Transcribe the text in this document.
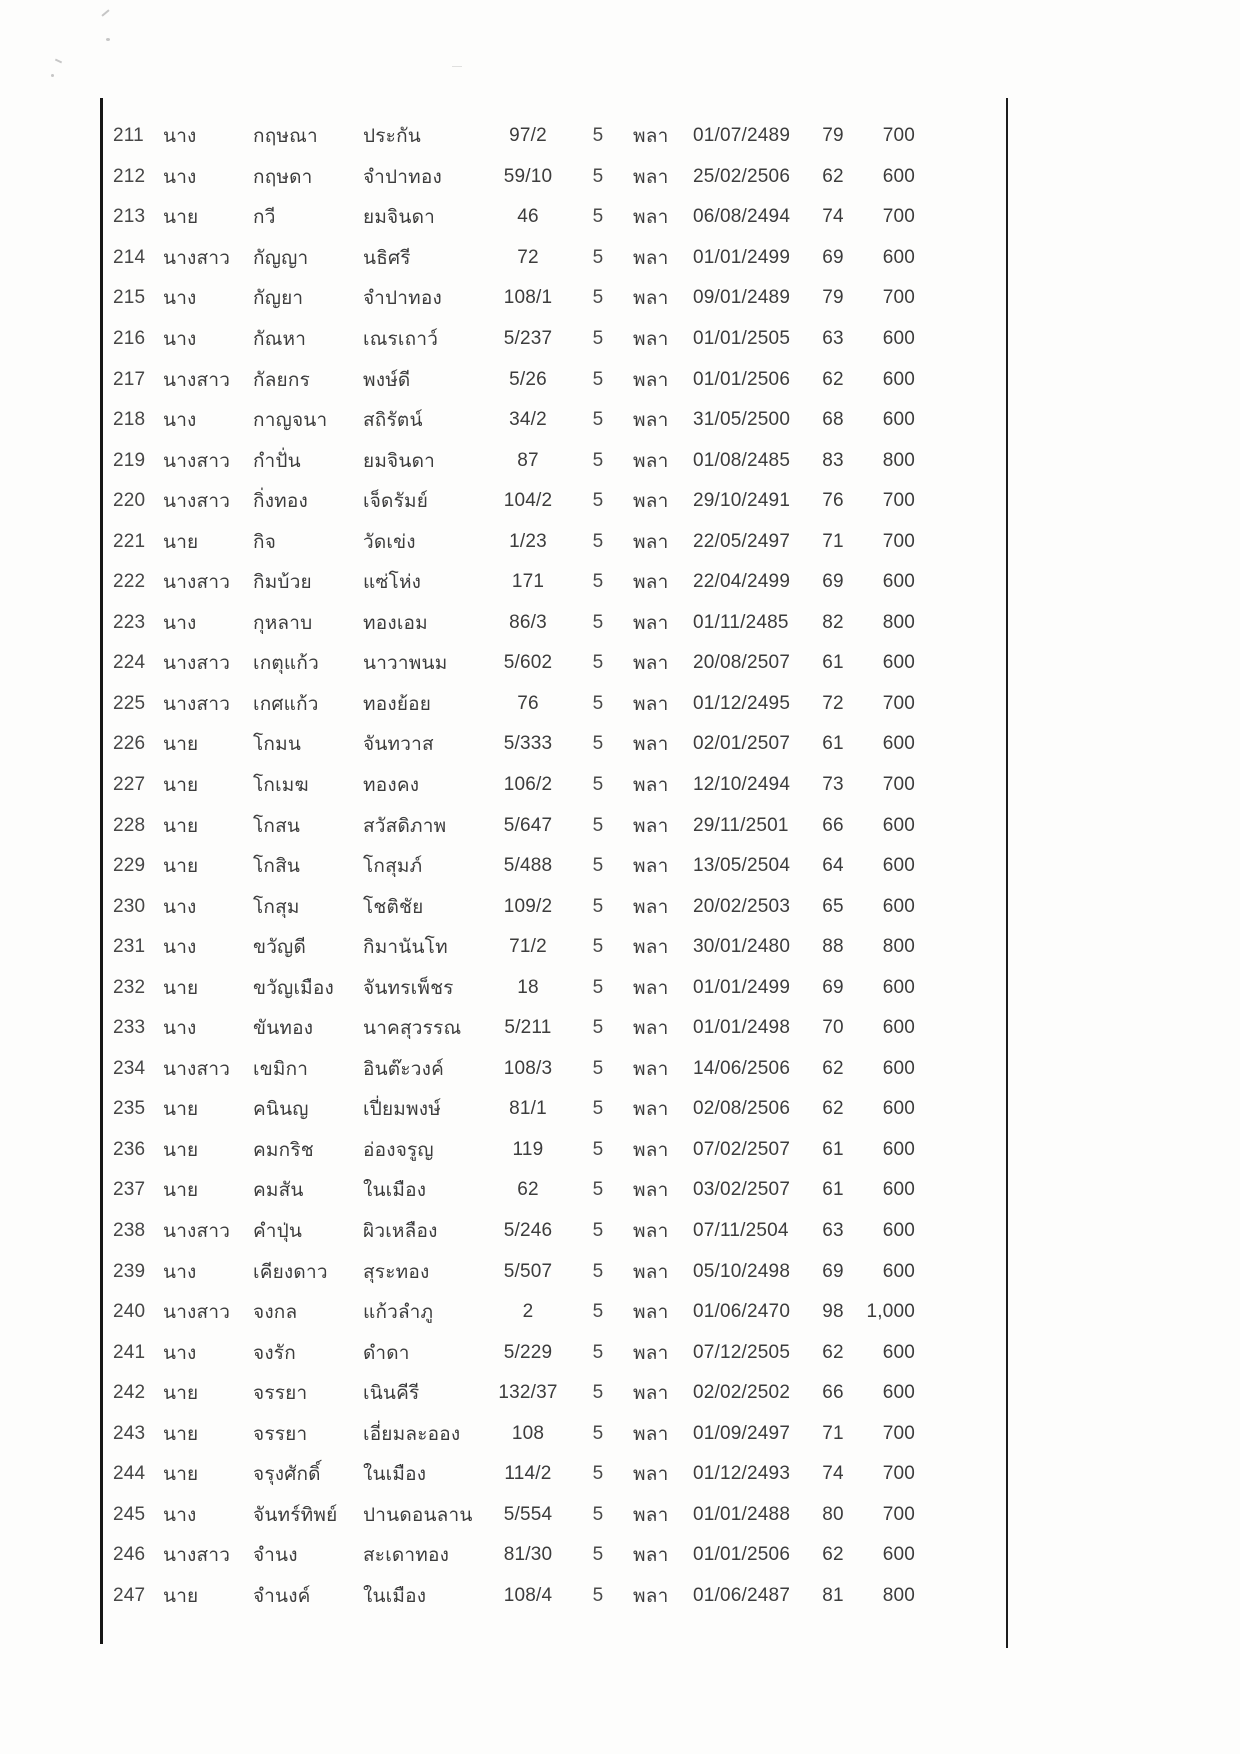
211	นาง	กฤษณา	ประกัน	97/2	5	พลา	01/07/2489	79	700
212 นาง	กฤษดา	จำปาทอง	59/10	5	พลา	25/02/2506	62	600
213 นาย	กวี	ยมจินดา	46	5	พลา	06/08/2494	74	700
214 นางสาว	กัญญา	นธิศรี	72	5	พลา	01/01/2499	69	600
215 นาง	กัญยา	จำปาทอง	108/1	5	พลา	09/01/2489	79	700
216 นาง	กัณหา	เณรเถาว์	5/237	5	พลา	01/01/2505	63	600
217 นางสาว	กัลยกร	พงษ์ดี	5/26	5	พลา	01/01/2506	62	600
218 นาง	กาญจนา	สถิรัตน์	34/2	5	พลา	31/05/2500	68	600
219 นางสาว	กำปั่น	ยมจินดา	87	5	พลา	01/08/2485	83	800
220 นางสาว	กิ่งทอง	เจ็ดรัมย์	104/2	5	พลา	29/10/2491	76	700
221 นาย	กิจ	วัดเข่ง	1/23	5	พลา	22/05/2497	71	700
222 นางสาว	กิมบ้วย	แซ่โห่ง	171	5	พลา	22/04/2499	69	600
223 นาง	กุหลาบ	ทองเอม	86/3	5	พลา	01/11/2485	82	800
224 นางสาว	เกตุแก้ว	นาวาพนม	5/602	5	พลา	20/08/2507	61	600
225 นางสาว	เกศแก้ว	ทองย้อย	76	5	พลา	01/12/2495	72	700
226 นาย	โกมน	จันทวาส	5/333	5	พลา	02/01/2507	61	600
227 นาย	โกเมฆ	ทองคง	106/2	5	พลา	12/10/2494	73	700
228 นาย	โกสน	สวัสดิภาพ	5/647	5	พลา	29/11/2501	66	600
229 นาย	โกสิน	โกสุมภ์	5/488	5	พลา	13/05/2504	64	600
230 นาง	โกสุม	โชติชัย	109/2	5	พลา	20/02/2503	65	600
231 นาง	ขวัญดี	กิมานันโท	71/2	5	พลา	30/01/2480	88	800
232 นาย	ขวัญเมือง	จันทรเพ็ชร	18	5	พลา	01/01/2499	69	600
233 นาง	ขันทอง	นาคสุวรรณ	5/211	5	พลา	01/01/2498	70	600
234 นางสาว	เขมิกา	อินต๊ะวงค์	108/3	5	พลา	14/06/2506	62	600
235 นาย	คนินญ	เปี่ยมพงษ์	81/1	5	พลา	02/08/2506	62	600
236 นาย	คมกริช	อ่องจรูญ	119	5	พลา	07/02/2507	61	600
237 นาย	คมสัน	ในเมือง	62	5	พลา	03/02/2507	61	600
238 นางสาว	คำปุ่น	ผิวเหลือง	5/246	5	พลา	07/11/2504	63	600
239 นาง	เคียงดาว	สุระทอง	5/507	5	พลา	05/10/2498	69	600
240 นางสาว	จงกล	แก้วลำภู	2	5	พลา	01/06/2470	98	1,000
241 นาง	จงรัก	ดำดา	5/229	5	พลา	07/12/2505	62	600
242 นาย	จรรยา	เนินคีรี	132/37	5	พลา	02/02/2502	66	600
243 นาย	จรรยา	เอี่ยมละออง	108	5	พลา	01/09/2497	71	700
244 นาย	จรุงศักดิ์	ในเมือง	114/2	5	พลา	01/12/2493	74	700
245 นาง	จันทร์ทิพย์	ปานดอนลาน	5/554	5	พลา	01/01/2488	80	700
246 นางสาว	จำนง	สะเดาทอง	81/30	5	พลา	01/01/2506	62	600
247 นาย	จำนงค์	ในเมือง	108/4	5	พลา	01/06/2487	81	800
